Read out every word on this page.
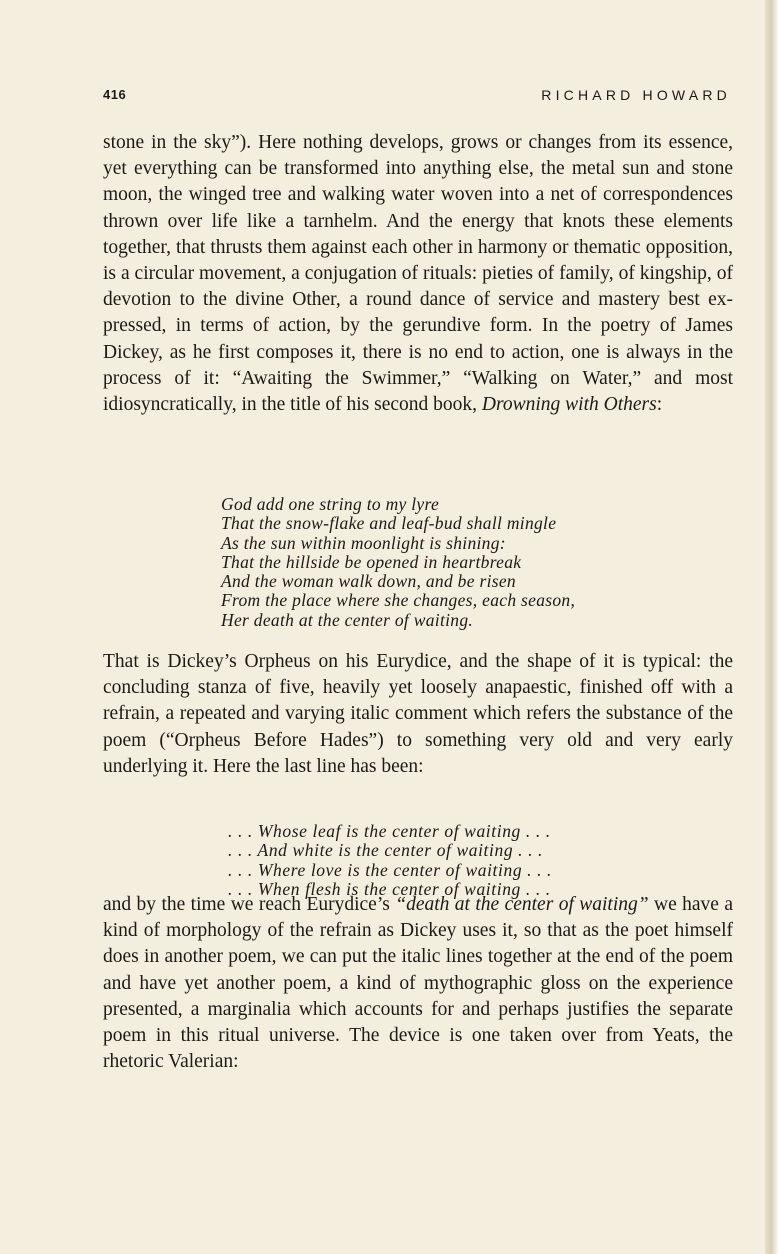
416	RICHARD HOWARD

stone in the sky”). Here nothing develops, grows or changes from its essence, yet everything can be transformed into anything else, the metal sun and stone moon, the winged tree and walking water woven into a net of correspondences thrown over life like a tarnhelm. And the energy that knots these elements together, that thrusts them against each other in harmony or thematic opposition, is a circular movement, a conjugation of rituals: pieties of family, of kingship, of devotion to the divine Other, a round dance of service and mastery best expressed, in terms of action, by the gerundive form. In the poetry of James Dickey, as he first composes it, there is no end to action, one is always in the process of it: “Awaiting the Swimmer,” “Walking on Water,” and most idiosyncratically, in the title of his second book, Drowning with Others:

God add one string to my lyre
That the snow-flake and leaf-bud shall mingle
As the sun within moonlight is shining:
That the hillside be opened in heartbreak
And the woman walk down, and be risen
From the place where she changes, each season,
Her death at the center of waiting.

That is Dickey’s Orpheus on his Eurydice, and the shape of it is typical: the concluding stanza of five, heavily yet loosely anapaestic, finished off with a refrain, a repeated and varying italic comment which refers the substance of the poem (“Orpheus Before Hades”) to something very old and very early underlying it. Here the last line has been:

. . . Whose leaf is the center of waiting . . .
. . . And white is the center of waiting . . .
. . . Where love is the center of waiting . . .
. . . When flesh is the center of waiting . . .

and by the time we reach Eurydice’s “death at the center of waiting” we have a kind of morphology of the refrain as Dickey uses it, so that as the poet himself does in another poem, we can put the italic lines together at the end of the poem and have yet another poem, a kind of mythographic gloss on the experience presented, a marginalia which accounts for and perhaps justifies the separate poem in this ritual universe. The device is one taken over from Yeats, the rhetoric Valerian:
